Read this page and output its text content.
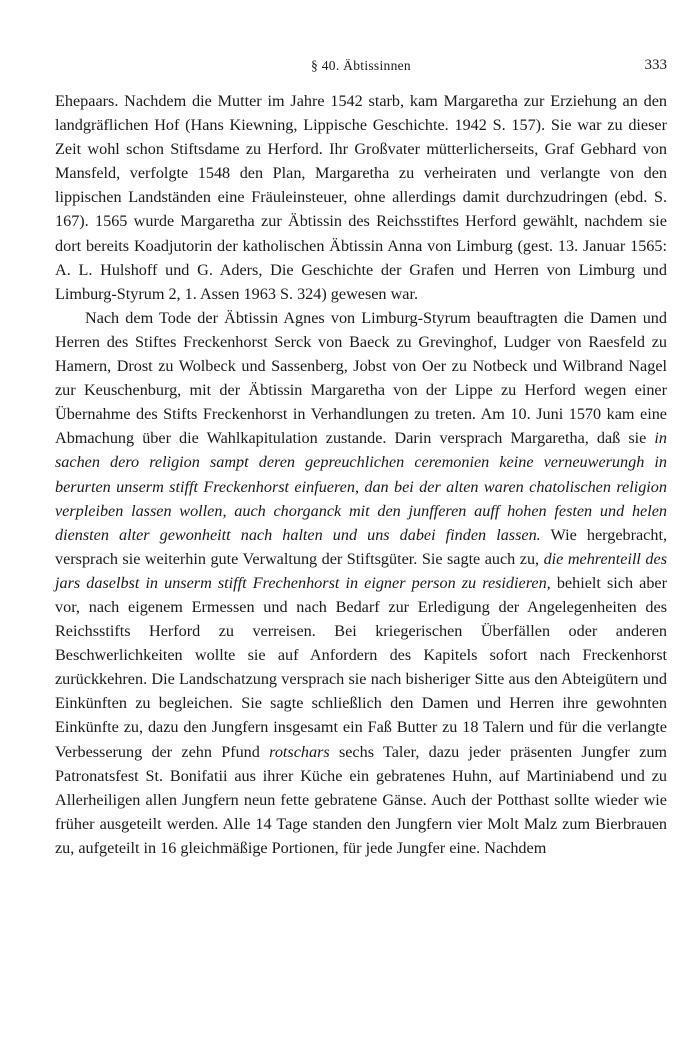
§ 40. Äbtissinnen	333

Ehepaars. Nachdem die Mutter im Jahre 1542 starb, kam Margaretha zur Erziehung an den landgräflichen Hof (Hans Kiewning, Lippische Geschichte. 1942 S. 157). Sie war zu dieser Zeit wohl schon Stiftsdame zu Herford. Ihr Großvater mütterlicherseits, Graf Gebhard von Mansfeld, verfolgte 1548 den Plan, Margaretha zu verheiraten und verlangte von den lippischen Landständen eine Fräuleinsteuer, ohne allerdings damit durchzudringen (ebd. S. 167). 1565 wurde Margaretha zur Äbtissin des Reichsstiftes Herford gewählt, nachdem sie dort bereits Koadjutorin der katholischen Äbtissin Anna von Limburg (gest. 13. Januar 1565: A. L. Hulshoff und G. Aders, Die Geschichte der Grafen und Herren von Limburg und Limburg-Styrum 2, 1. Assen 1963 S. 324) gewesen war.

Nach dem Tode der Äbtissin Agnes von Limburg-Styrum beauftragten die Damen und Herren des Stiftes Freckenhorst Serck von Baeck zu Grevinghof, Ludger von Raesfeld zu Hamern, Drost zu Wolbeck und Sassenberg, Jobst von Oer zu Notbeck und Wilbrand Nagel zur Keuschenburg, mit der Äbtissin Margaretha von der Lippe zu Herford wegen einer Übernahme des Stifts Freckenhorst in Verhandlungen zu treten. Am 10. Juni 1570 kam eine Abmachung über die Wahlkapitulation zustande. Darin versprach Margaretha, daß sie in sachen dero religion sampt deren gepreuchlichen ceremonien keine verneuwerungh in berurten unserm stifft Freckenhorst einfueren, dan bei der alten waren chatolischen religion verpleiben lassen wollen, auch chorganck mit den junfferen auff hohen festen und helen diensten alter gewonheitt nach halten und uns dabei finden lassen. Wie hergebracht, versprach sie weiterhin gute Verwaltung der Stiftsgüter. Sie sagte auch zu, die mehrenteill des jars daselbst in unserm stifft Frechenhorst in eigner person zu residieren, behielt sich aber vor, nach eigenem Ermessen und nach Bedarf zur Erledigung der Angelegenheiten des Reichsstifts Herford zu verreisen. Bei kriegerischen Überfällen oder anderen Beschwerlichkeiten wollte sie auf Anfordern des Kapitels sofort nach Freckenhorst zurückkehren. Die Landschatzung versprach sie nach bisheriger Sitte aus den Abteigütern und Einkünften zu begleichen. Sie sagte schließlich den Damen und Herren ihre gewohnten Einkünfte zu, dazu den Jungfern insgesamt ein Faß Butter zu 18 Talern und für die verlangte Verbesserung der zehn Pfund rotschars sechs Taler, dazu jeder präsenten Jungfer zum Patronatsfest St. Bonifatii aus ihrer Küche ein gebratenes Huhn, auf Martiniabend und zu Allerheiligen allen Jungfern neun fette gebratene Gänse. Auch der Potthast sollte wieder wie früher ausgeteilt werden. Alle 14 Tage standen den Jungfern vier Molt Malz zum Bierbrauen zu, aufgeteilt in 16 gleichmäßige Portionen, für jede Jungfer eine. Nachdem
